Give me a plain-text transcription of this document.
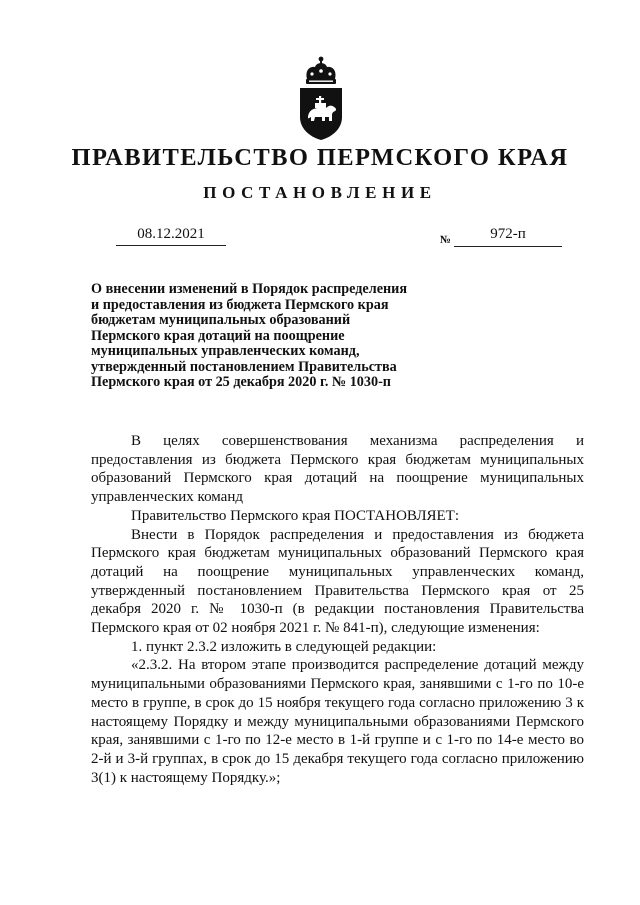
ПРАВИТЕЛЬСТВО ПЕРМСКОГО КРАЯ
ПОСТАНОВЛЕНИЕ
08.12.2021	№	972-п
О внесении изменений в Порядок распределения
и предоставления из бюджета Пермского края
бюджетам муниципальных образований
Пермского края дотаций на поощрение
муниципальных управленческих команд,
утвержденный постановлением Правительства
Пермского края от 25 декабря 2020 г. № 1030-п

В целях совершенствования механизма распределения и предоставления из бюджета Пермского края бюджетам муниципальных образований Пермского края дотаций на поощрение муниципальных управленческих команд

Правительство Пермского края ПОСТАНОВЛЯЕТ:

Внести в Порядок распределения и предоставления из бюджета Пермского края бюджетам муниципальных образований Пермского края дотаций на поощрение муниципальных управленческих команд, утвержденный постановлением Правительства Пермского края от 25 декабря 2020 г. № 1030-п (в редакции постановления Правительства Пермского края от 02 ноября 2021 г. № 841-п), следующие изменения:

1. пункт 2.3.2 изложить в следующей редакции:

«2.3.2. На втором этапе производится распределение дотаций между муниципальными образованиями Пермского края, занявшими с 1-го по 10-е место в группе, в срок до 15 ноября текущего года согласно приложению 3 к настоящему Порядку и между муниципальными образованиями Пермского края, занявшими с 1-го по 12-е место в 1-й группе и с 1-го по 14-е место во 2-й и 3-й группах, в срок до 15 декабря текущего года согласно приложению 3(1) к настоящему Порядку.»;
